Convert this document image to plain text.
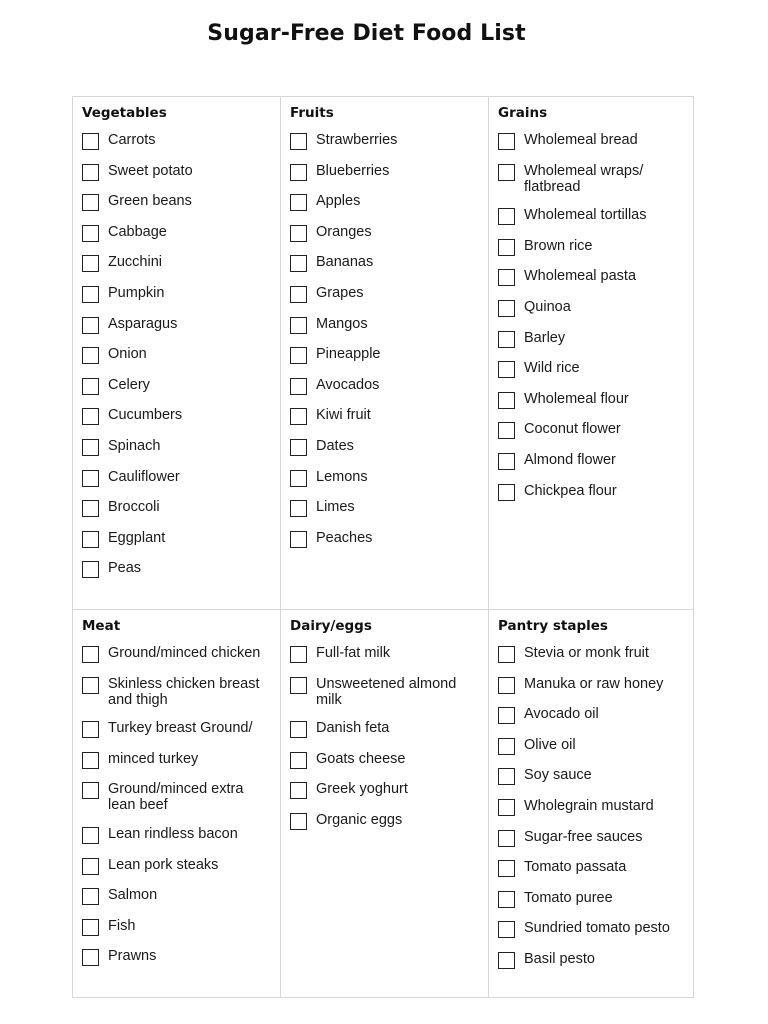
Sugar-Free Diet Food List
Vegetables
Carrots
Sweet potato
Green beans
Cabbage
Zucchini
Pumpkin
Asparagus
Onion
Celery
Cucumbers
Spinach
Cauliflower
Broccoli
Eggplant
Peas
Fruits
Strawberries
Blueberries
Apples
Oranges
Bananas
Grapes
Mangos
Pineapple
Avocados
Kiwi fruit
Dates
Lemons
Limes
Peaches
Grains
Wholemeal bread
Wholemeal wraps/ flatbread
Wholemeal tortillas
Brown rice
Wholemeal pasta
Quinoa
Barley
Wild rice
Wholemeal flour
Coconut flower
Almond flower
Chickpea flour
Meat
Ground/minced chicken
Skinless chicken breast and thigh
Turkey breast Ground/
minced turkey
Ground/minced extra lean beef
Lean rindless bacon
Lean pork steaks
Salmon
Fish
Prawns
Dairy/eggs
Full-fat milk
Unsweetened almond milk
Danish feta
Goats cheese
Greek yoghurt
Organic eggs
Pantry staples
Stevia or monk fruit
Manuka or raw honey
Avocado oil
Olive oil
Soy sauce
Wholegrain mustard
Sugar-free sauces
Tomato passata
Tomato puree
Sundried tomato pesto
Basil pesto
